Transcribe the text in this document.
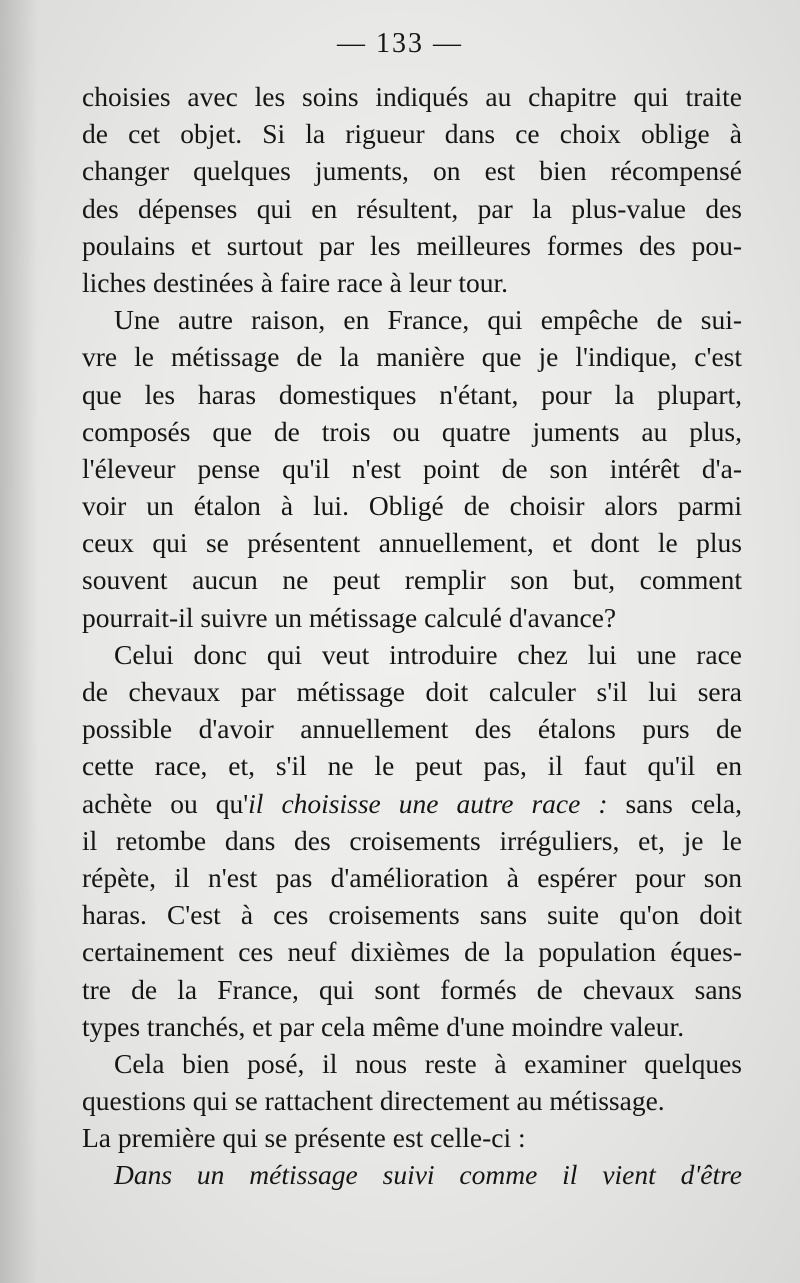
— 133 —
choisies avec les soins indiqués au chapitre qui traite
de cet objet. Si la rigueur dans ce choix oblige à
changer quelques juments, on est bien récompensé
des dépenses qui en résultent, par la plus-value des
poulains et surtout par les meilleures formes des pou-
liches destinées à faire race à leur tour.
Une autre raison, en France, qui empêche de sui-
vre le métissage de la manière que je l'indique, c'est
que les haras domestiques n'étant, pour la plupart,
composés que de trois ou quatre juments au plus,
l'éleveur pense qu'il n'est point de son intérêt d'a-
voir un étalon à lui. Obligé de choisir alors parmi
ceux qui se présentent annuellement, et dont le plus
souvent aucun ne peut remplir son but, comment
pourrait-il suivre un métissage calculé d'avance?
Celui donc qui veut introduire chez lui une race
de chevaux par métissage doit calculer s'il lui sera
possible d'avoir annuellement des étalons purs de
cette race, et, s'il ne le peut pas, il faut qu'il en
achète ou qu'il choisisse une autre race : sans cela,
il retombe dans des croisements irréguliers, et, je le
répète, il n'est pas d'amélioration à espérer pour son
haras. C'est à ces croisements sans suite qu'on doit
certainement ces neuf dixièmes de la population éques-
tre de la France, qui sont formés de chevaux sans
types tranchés, et par cela même d'une moindre valeur.
Cela bien posé, il nous reste à examiner quelques
questions qui se rattachent directement au métissage.
La première qui se présente est celle-ci :
Dans un métissage suivi comme il vient d'être
